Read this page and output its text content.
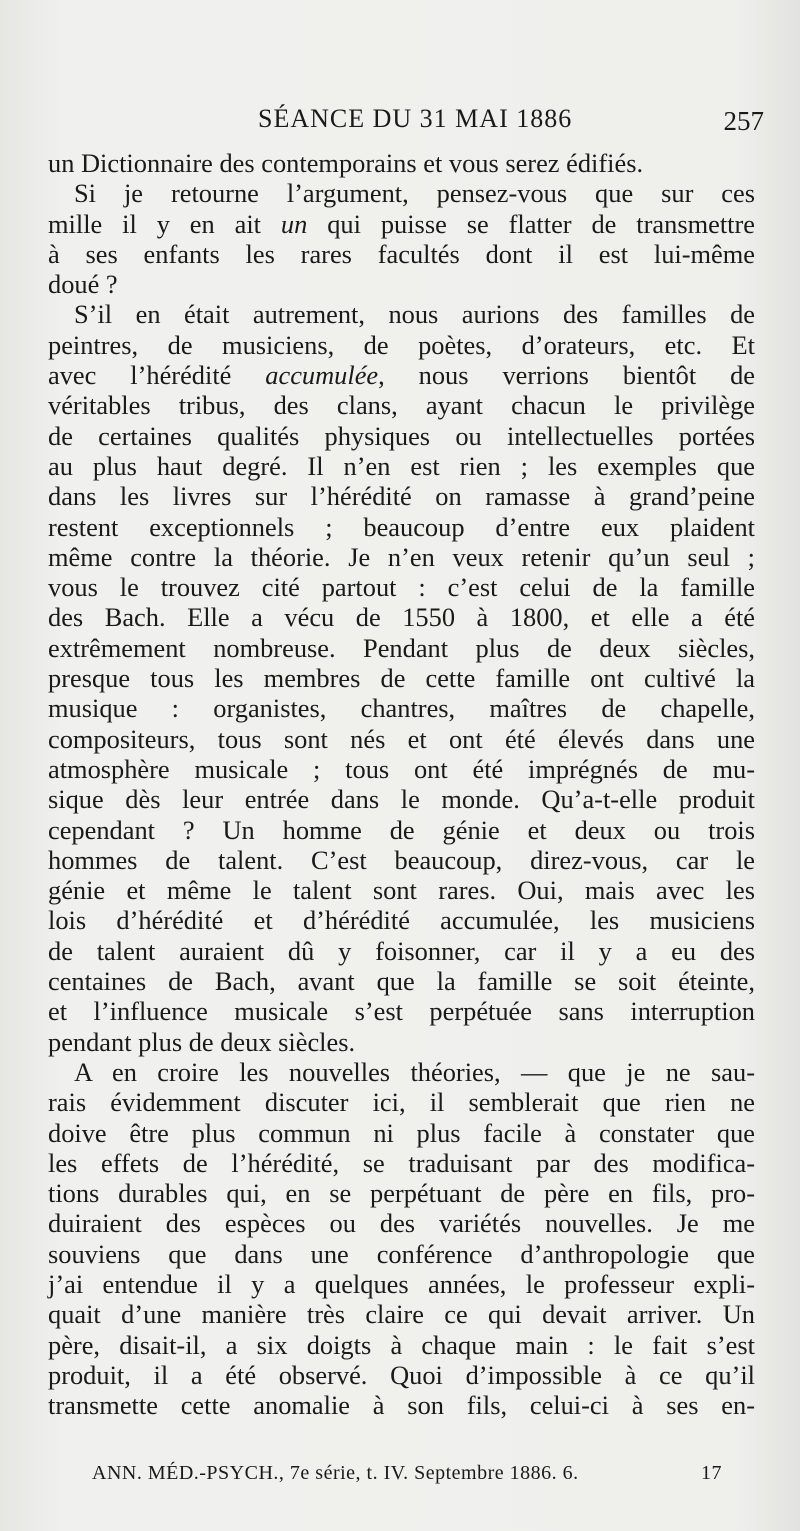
SÉANCE DU 31 MAI 1886	257
un Dictionnaire des contemporains et vous serez édifiés.
Si je retourne l’argument, pensez-vous que sur ces
mille il y en ait un qui puisse se flatter de transmettre
à ses enfants les rares facultés dont il est lui-même
doué ?
S’il en était autrement, nous aurions des familles de
peintres, de musiciens, de poètes, d’orateurs, etc. Et
avec l’hérédité accumulée, nous verrions bientôt de
véritables tribus, des clans, ayant chacun le privilège
de certaines qualités physiques ou intellectuelles portées
au plus haut degré. Il n’en est rien ; les exemples que
dans les livres sur l’hérédité on ramasse à grand’peine
restent exceptionnels ; beaucoup d’entre eux plaident
même contre la théorie. Je n’en veux retenir qu’un seul ;
vous le trouvez cité partout : c’est celui de la famille
des Bach. Elle a vécu de 1550 à 1800, et elle a été
extrêmement nombreuse. Pendant plus de deux siècles,
presque tous les membres de cette famille ont cultivé la
musique : organistes, chantres, maîtres de chapelle,
compositeurs, tous sont nés et ont été élevés dans une
atmosphère musicale ; tous ont été imprégnés de mu-
sique dès leur entrée dans le monde. Qu’a-t-elle produit
cependant ? Un homme de génie et deux ou trois
hommes de talent. C’est beaucoup, direz-vous, car le
génie et même le talent sont rares. Oui, mais avec les
lois d’hérédité et d’hérédité accumulée, les musiciens
de talent auraient dû y foisonner, car il y a eu des
centaines de Bach, avant que la famille se soit éteinte,
et l’influence musicale s’est perpétuée sans interruption
pendant plus de deux siècles.
A en croire les nouvelles théories, — que je ne sau-
rais évidemment discuter ici, il semblerait que rien ne
doive être plus commun ni plus facile à constater que
les effets de l’hérédité, se traduisant par des modifica-
tions durables qui, en se perpétuant de père en fils, pro-
duiraient des espèces ou des variétés nouvelles. Je me
souviens que dans une conférence d’anthropologie que
j’ai entendue il y a quelques années, le professeur expli-
quait d’une manière très claire ce qui devait arriver. Un
père, disait-il, a six doigts à chaque main : le fait s’est
produit, il a été observé. Quoi d’impossible à ce qu’il
transmette cette anomalie à son fils, celui-ci à ses en-
ANN. MÉD.-PSYCH., 7e série, t. IV. Septembre 1886. 6.	17
